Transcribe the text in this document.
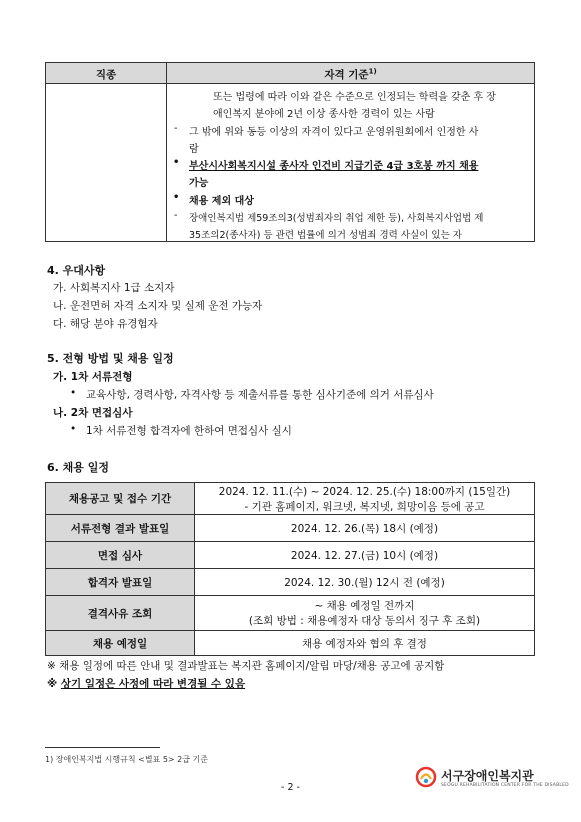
직종	자격 기준$^{1)}$
또는 법령에 따라 이와 같은 수준으로 인정되는 학력을 갖춘 후 장
애인복지 분야에 2년 이상 종사한 경력이 있는 사람
- 그 밖에 위와 동등 이상의 자격이 있다고 운영위원회에서 인정한 사
람
• 부산시사회복지시설 종사자 인건비 지급기준 4급 3호봉 까지 채용
가능
• 채용 제외 대상
- 장애인복지법 제59조의3(성범죄자의 취업 제한 등), 사회복지사업법 제
35조의2(종사자) 등 관련 법률에 의거 성범죄 경력 사실이 있는 자
4. 우대사항
가. 사회복지사 1급 소지자
나. 운전면허 자격 소지자 및 실제 운전 가능자
다. 해당 분야 유경험자
5. 전형 방법 및 채용 일정
가. 1차 서류전형
• 교육사항, 경력사항, 자격사항 등 제출서류를 통한 심사기준에 의거 서류심사
나. 2차 면접심사
• 1차 서류전형 합격자에 한하여 면접심사 실시
6. 채용 일정
채용공고 및 접수 기간	2024. 12. 11.(수) ~ 2024. 12. 25.(수) 18:00까지 (15일간)
- 기관 홈페이지, 워크넷, 복지넷, 희망이음 등에 공고

서류전형 결과 발표일	2024. 12. 26.(목) 18시 (예정)
면접 심사	2024. 12. 27.(금) 10시 (예정)
합격자 발표일	2024. 12. 30.(월) 12시 전 (예정)
결격사유 조회	~ 채용 예정일 전까지
(조회 방법 : 채용예정자 대상 동의서 징구 후 조회)

채용 예정일	채용 예정자와 협의 후 결정
※ 채용 일정에 따른 안내 및 결과발표는 복지관 홈페이지/알림 마당/채용 공고에 공지함
※ 상기 일정은 사정에 따라 변경될 수 있음
1) 장애인복지법 시행규칙 <별표 5> 2급 기준
서구장애인복지관
SEOGU REHABILITATION CENTER FOR THE DISABLED
- 2 -
